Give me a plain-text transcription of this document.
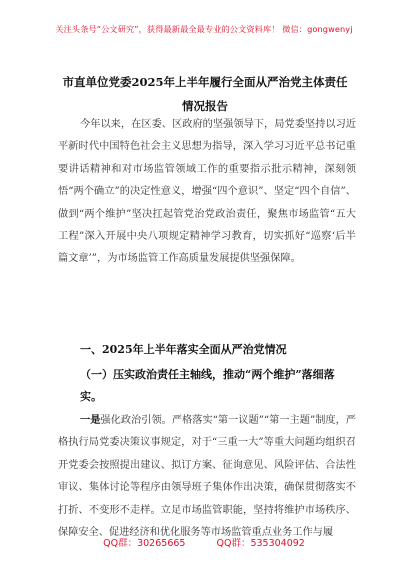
关注头条号“公文研究”，获得最新最全最专业的公文资料库！ 微信：gongwenyj
市直单位党委2025年上半年履行全面从严治党主体责任情况报告
今年以来，在区委、区政府的坚强领导下，局党委坚持以习近平新时代中国特色社会主义思想为指导，深入学习习近平总书记重要讲话精神和对市场监管领域工作的重要指示批示精神，深刻领悟“两个确立”的决定性意义，增强“四个意识”、坚定“四个自信”、做到“两个维护”坚决扛起管党治党政治责任，聚焦市场监管“五大工程”深入开展中央八项规定精神学习教育，切实抓好“巡察‘后半篇文章’”，为市场监管工作高质量发展提供坚强保障。
一、2025年上半年落实全面从严治党情况
（一）压实政治责任主轴线，推动“两个维护”落细落实。
一是强化政治引领。严格落实“第一议题”“第一主题”制度，严格执行局党委决策议事规定，对于“三重一大”等重大问题均组织召开党委会按照提出建议、拟订方案、征询意见、风险评估、合法性审议、集体讨论等程序由领导班子集体作出决策，确保贯彻落实不打折、不变形不走样。立足市场监管职能，坚持将维护市场秩序、保障安全、促进经济和优化服务等市场监管重点业务工作与履
QQ群：30265665	QQ群：535304092
